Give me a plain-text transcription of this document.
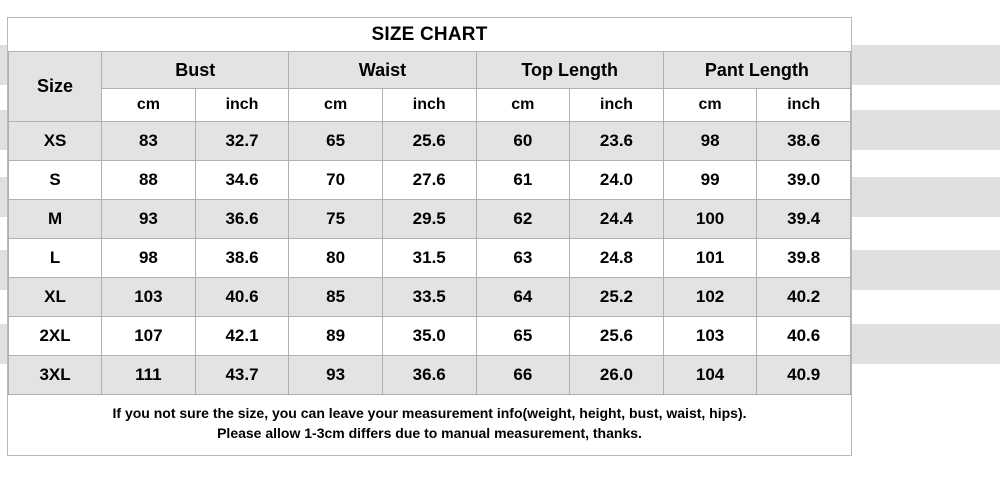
SIZE CHART
Size	Bust		Waist		Top Length		Pant Length	
	cm	inch	cm	inch	cm	inch	cm	inch
XS	83	32.7	65	25.6	60	23.6	98	38.6
S	88	34.6	70	27.6	61	24.0	99	39.0
M	93	36.6	75	29.5	62	24.4	100	39.4
L	98	38.6	80	31.5	63	24.8	101	39.8
XL	103	40.6	85	33.5	64	25.2	102	40.2
2XL	107	42.1	89	35.0	65	25.6	103	40.6
3XL	111	43.7	93	36.6	66	26.0	104	40.9
If you not sure the size, you can leave your measurement info(weight, height, bust, waist, hips).
Please allow 1-3cm differs due to manual measurement, thanks.
